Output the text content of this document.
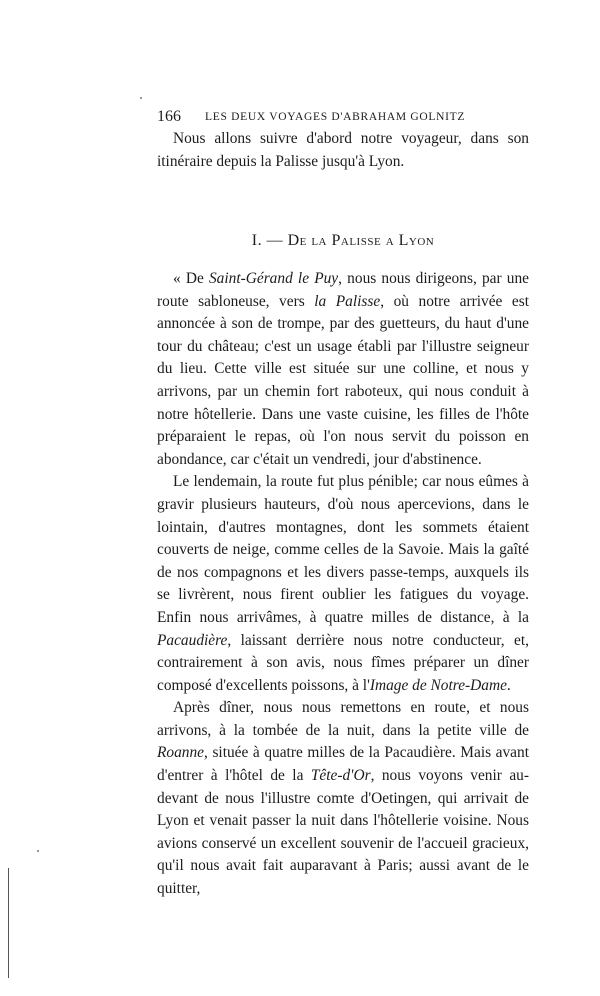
166 LES DEUX VOYAGES D'ABRAHAM GOLNITZ

Nous allons suivre d'abord notre voyageur, dans son itinéraire depuis la Palisse jusqu'à Lyon.

I. — De la Palisse a Lyon

« De Saint-Gérand le Puy, nous nous dirigeons, par une route sabloneuse, vers la Palisse, où notre arrivée est annoncée à son de trompe, par des guetteurs, du haut d'une tour du château; c'est un usage établi par l'illustre seigneur du lieu. Cette ville est située sur une colline, et nous y arrivons, par un chemin fort raboteux, qui nous conduit à notre hôtellerie. Dans une vaste cuisine, les filles de l'hôte préparaient le repas, où l'on nous servit du poisson en abondance, car c'était un vendredi, jour d'abstinence.

Le lendemain, la route fut plus pénible; car nous eûmes à gravir plusieurs hauteurs, d'où nous apercevions, dans le lointain, d'autres montagnes, dont les sommets étaient couverts de neige, comme celles de la Savoie. Mais la gaîté de nos compagnons et les divers passe-temps, auxquels ils se livrèrent, nous firent oublier les fatigues du voyage. Enfin nous arrivâmes, à quatre milles de distance, à la Pacaudière, laissant derrière nous notre conducteur, et, contrairement à son avis, nous fîmes préparer un dîner composé d'excellents poissons, à l'Image de Notre-Dame.

Après dîner, nous nous remettons en route, et nous arrivons, à la tombée de la nuit, dans la petite ville de Roanne, située à quatre milles de la Pacaudière. Mais avant d'entrer à l'hôtel de la Tête-d'Or, nous voyons venir au-devant de nous l'illustre comte d'Oetingen, qui arrivait de Lyon et venait passer la nuit dans l'hôtellerie voisine. Nous avions conservé un excellent souvenir de l'accueil gracieux, qu'il nous avait fait auparavant à Paris; aussi avant de le quitter,
